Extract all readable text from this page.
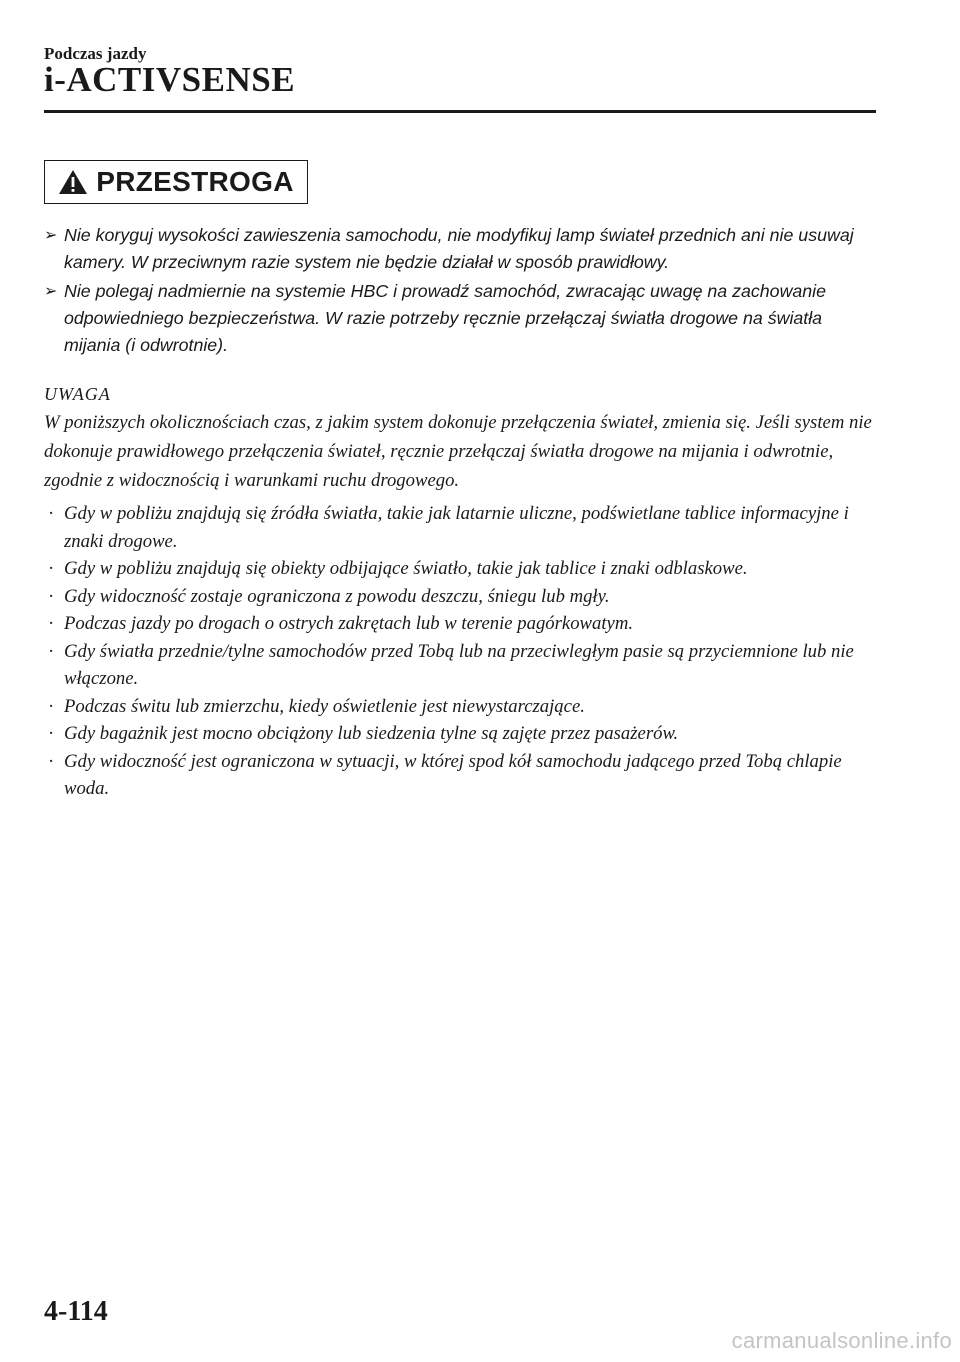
Podczas jazdy
i-ACTIVSENSE
PRZESTROGA
➢ Nie koryguj wysokości zawieszenia samochodu, nie modyfikuj lamp świateł przednich ani nie usuwaj kamery. W przeciwnym razie system nie będzie działał w sposób prawidłowy.
➢ Nie polegaj nadmiernie na systemie HBC i prowadź samochód, zwracając uwagę na zachowanie odpowiedniego bezpieczeństwa. W razie potrzeby ręcznie przełączaj światła drogowe na światła mijania (i odwrotnie).
UWAGA

W poniższych okolicznościach czas, z jakim system dokonuje przełączenia świateł, zmienia się. Jeśli system nie dokonuje prawidłowego przełączenia świateł, ręcznie przełączaj światła drogowe na mijania i odwrotnie, zgodnie z widocznością i warunkami ruchu drogowego.

· Gdy w pobliżu znajdują się źródła światła, takie jak latarnie uliczne, podświetlane tablice informacyjne i znaki drogowe.
· Gdy w pobliżu znajdują się obiekty odbijające światło, takie jak tablice i znaki odblaskowe.
· Gdy widoczność zostaje ograniczona z powodu deszczu, śniegu lub mgły.
· Podczas jazdy po drogach o ostrych zakrętach lub w terenie pagórkowatym.
· Gdy światła przednie/tylne samochodów przed Tobą lub na przeciwległym pasie są przyciemnione lub nie włączone.
· Podczas świtu lub zmierzchu, kiedy oświetlenie jest niewystarczające.
· Gdy bagażnik jest mocno obciążony lub siedzenia tylne są zajęte przez pasażerów.
· Gdy widoczność jest ograniczona w sytuacji, w której spod kół samochodu jadącego przed Tobą chlapie woda.
4-114
carmanualsonline.info
